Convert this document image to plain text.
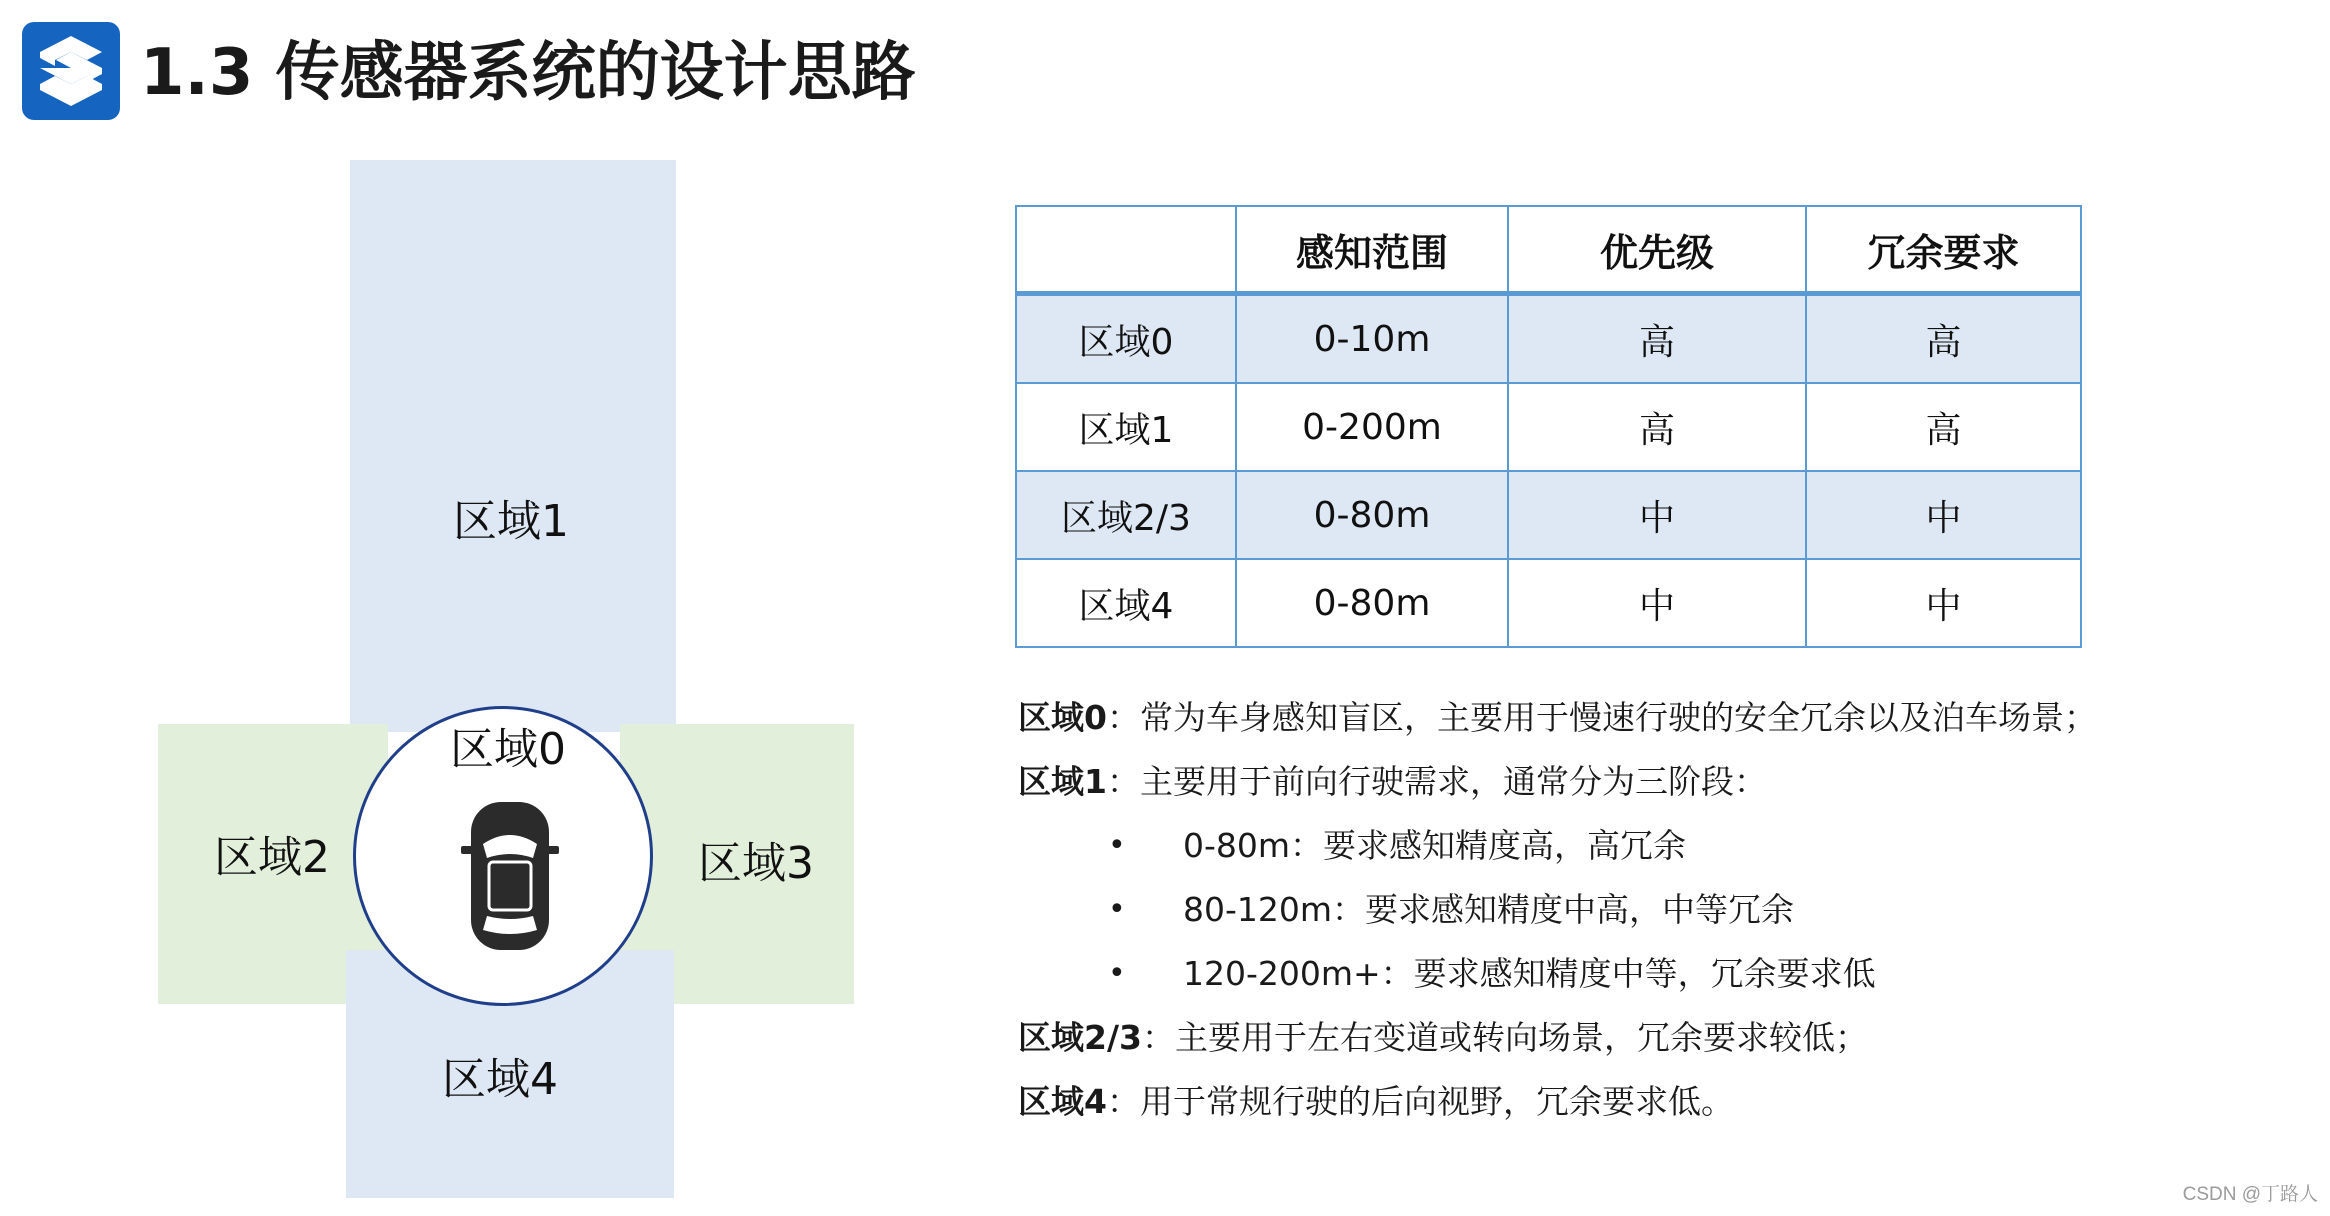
1.3 传感器系统的设计思路
区域1
区域0
区域2	区域3
区域4
	感知范围	优先级	冗余要求
区域0	0-10m	高	高
区域1	0-200m	高	高
区域2/3	0-80m	中	中
区域4	0-80m	中	中
区域0：常为车身感知盲区，主要用于慢速行驶的安全冗余以及泊车场景；
区域1：主要用于前向行驶需求，通常分为三阶段：
•	0-80m：要求感知精度高，高冗余
•	80-120m：要求感知精度中高，中等冗余
•	120-200m+：要求感知精度中等，冗余要求低
区域2/3：主要用于左右变道或转向场景，冗余要求较低；
区域4：用于常规行驶的后向视野，冗余要求低。
CSDN @丁路人
